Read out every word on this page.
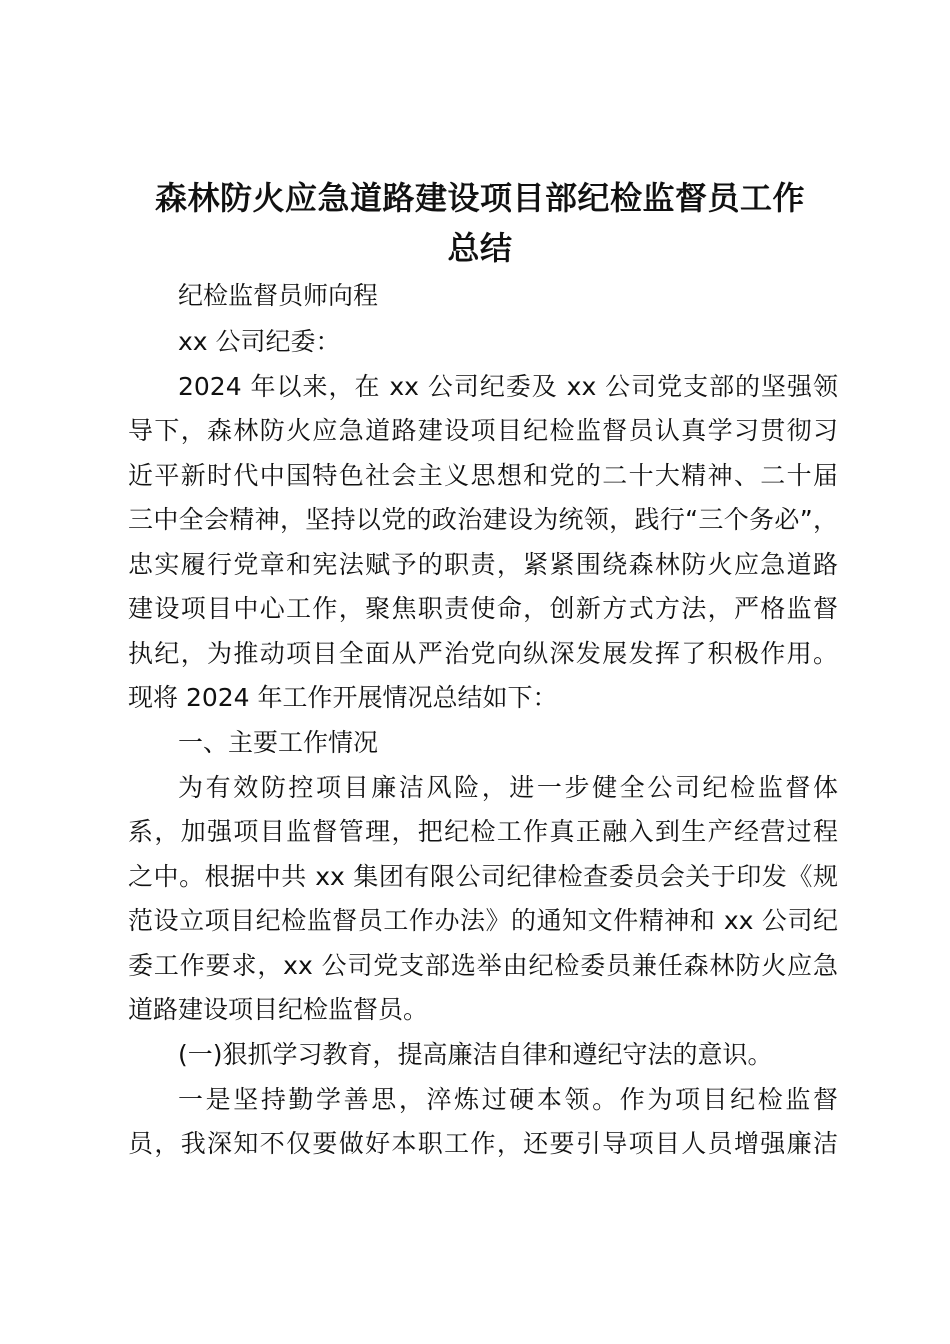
森林防火应急道路建设项目部纪检监督员工作
总结
纪检监督员师向程
xx 公司纪委：
2024 年以来，在 xx 公司纪委及 xx 公司党支部的坚强领
导下，森林防火应急道路建设项目纪检监督员认真学习贯彻习
近平新时代中国特色社会主义思想和党的二十大精神、二十届
三中全会精神，坚持以党的政治建设为统领，践行“三个务必”，
忠实履行党章和宪法赋予的职责，紧紧围绕森林防火应急道路
建设项目中心工作，聚焦职责使命，创新方式方法，严格监督
执纪，为推动项目全面从严治党向纵深发展发挥了积极作用。
现将 2024 年工作开展情况总结如下：
一、主要工作情况
为有效防控项目廉洁风险，进一步健全公司纪检监督体
系，加强项目监督管理，把纪检工作真正融入到生产经营过程
之中。根据中共 xx 集团有限公司纪律检查委员会关于印发《规
范设立项目纪检监督员工作办法》的通知文件精神和 xx 公司纪
委工作要求，xx 公司党支部选举由纪检委员兼任森林防火应急
道路建设项目纪检监督员。
(一)狠抓学习教育，提高廉洁自律和遵纪守法的意识。
一是坚持勤学善思，淬炼过硬本领。作为项目纪检监督
员，我深知不仅要做好本职工作，还要引导项目人员增强廉洁
